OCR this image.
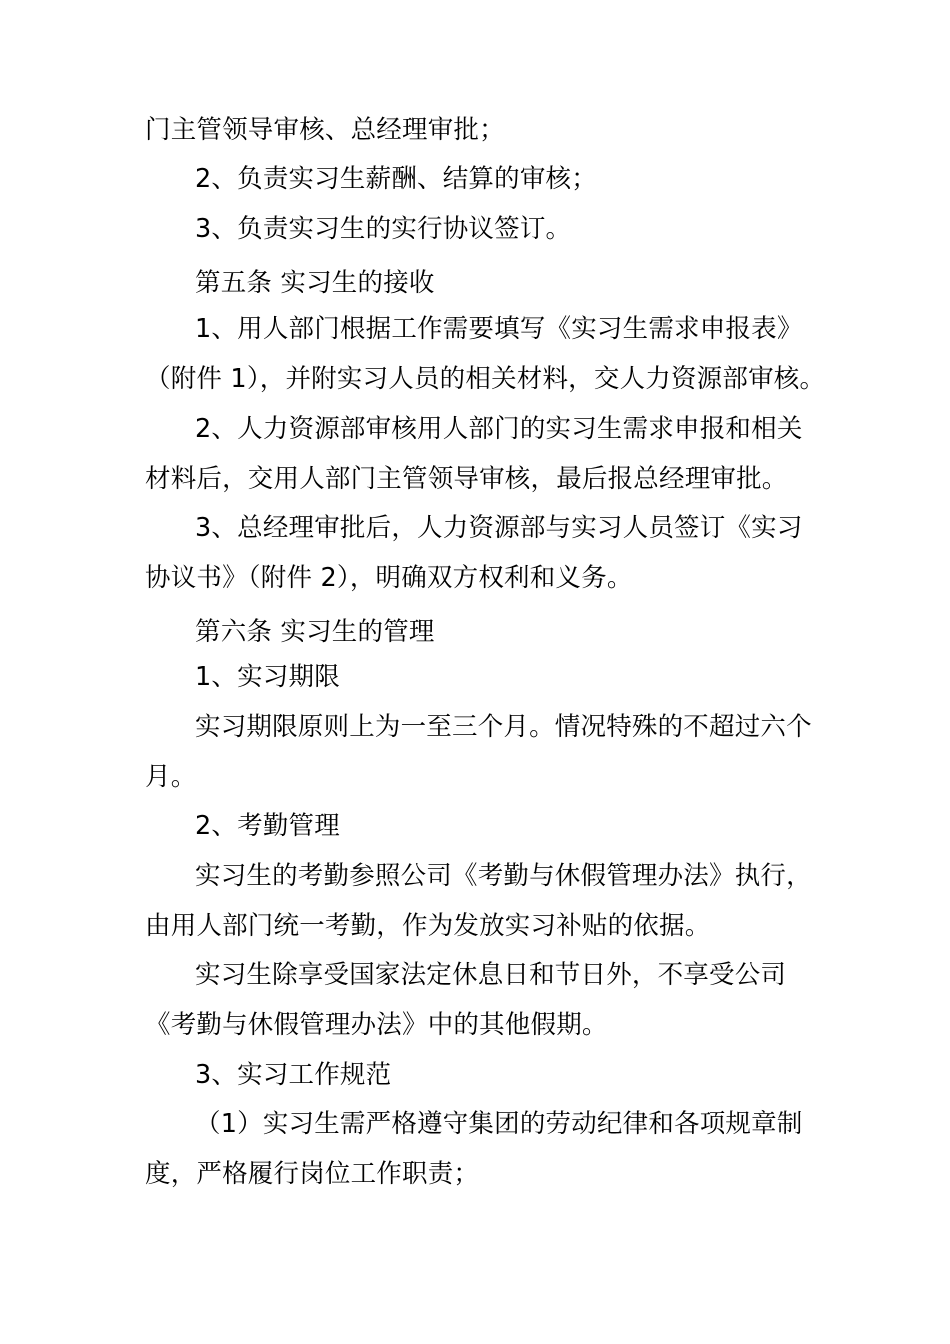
门主管领导审核、总经理审批；
2、负责实习生薪酬、结算的审核；
3、负责实习生的实行协议签订。
第五条 实习生的接收
1、用人部门根据工作需要填写《实习生需求申报表》
（附件 1），并附实习人员的相关材料，交人力资源部审核。
2、人力资源部审核用人部门的实习生需求申报和相关
材料后，交用人部门主管领导审核，最后报总经理审批。
3、总经理审批后，人力资源部与实习人员签订《实习
协议书》（附件 2），明确双方权利和义务。
第六条 实习生的管理
1、实习期限
实习期限原则上为一至三个月。情况特殊的不超过六个
月。
2、考勤管理
实习生的考勤参照公司《考勤与休假管理办法》执行，
由用人部门统一考勤，作为发放实习补贴的依据。
实习生除享受国家法定休息日和节日外，不享受公司
《考勤与休假管理办法》中的其他假期。
3、实习工作规范
（1）实习生需严格遵守集团的劳动纪律和各项规章制
度，严格履行岗位工作职责；
